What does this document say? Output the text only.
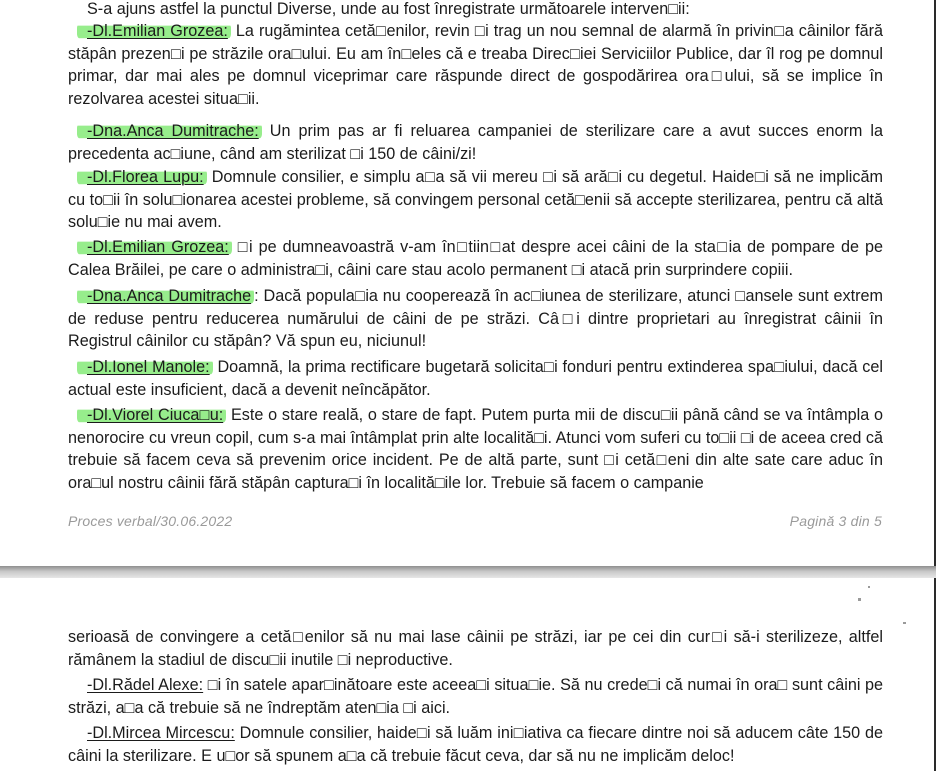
S-a ajuns astfel la punctul Diverse, unde au fost înregistrate următoarele interven□ii:

-Dl.Emilian Grozea: La rugămintea cetă□enilor, revin □i trag un nou semnal de alarmă în privin□a câinilor fără stăpân prezen□i pe străzile ora□ului. Eu am în□eles că e treaba Direc□iei Serviciilor Publice, dar îl rog pe domnul primar, dar mai ales pe domnul viceprimar care răspunde direct de gospodărirea ora□ului, să se implice în rezolvarea acestei situa□ii.

-Dna.Anca Dumitrache: Un prim pas ar fi reluarea campaniei de sterilizare care a avut succes enorm la precedenta ac□iune, când am sterilizat □i 150 de câini/zi!

-Dl.Florea Lupu: Domnule consilier, e simplu a□a să vii mereu □i să ară□i cu degetul. Haide□i să ne implicăm cu to□ii în solu□ionarea acestei probleme, să convingem personal cetă□enii să accepte sterilizarea, pentru că altă solu□ie nu mai avem.

-Dl.Emilian Grozea: □i pe dumneavoastră v-am în□tiin□at despre acei câini de la sta□ia de pompare de pe Calea Brăilei, pe care o administra□i, câini care stau acolo permanent □i atacă prin surprindere copiii.

-Dna.Anca Dumitrache : Dacă popula□ia nu cooperează în ac□iunea de sterilizare, atunci □ansele sunt extrem de reduse pentru reducerea numărului de câini de pe străzi. Câ□i dintre proprietari au înregistrat câinii în Registrul câinilor cu stăpân? Vă spun eu, niciunul!

-Dl.Ionel Manole: Doamnă, la prima rectificare bugetară solicita□i fonduri pentru extinderea spa□iului, dacă cel actual este insuficient, dacă a devenit neîncăpător.

-Dl.Viorel Ciuca□u: Este o stare reală, o stare de fapt. Putem purta mii de discu□ii până când se va întâmpla o nenorocire cu vreun copil, cum s-a mai întâmplat prin alte localită□i. Atunci vom suferi cu to□ii □i de aceea cred că trebuie să facem ceva să prevenim orice incident. Pe de altă parte, sunt □i cetă□eni din alte sate care aduc în ora□ul nostru câinii fără stăpân captura□i în localită□ile lor. Trebuie să facem o campanie

Proces verbal/30.06.2022	Pagină 3 din 5

serioasă de convingere a cetă□enilor să nu mai lase câinii pe străzi, iar pe cei din cur□i să-i sterilizeze, altfel rămânem la stadiul de discu□ii inutile □i neproductive.

-Dl.Rădel Alexe: □i în satele apar□inătoare este aceea□i situa□ie. Să nu crede□i că numai în ora□ sunt câini pe străzi, a□a că trebuie să ne îndreptăm aten□ia □i aici.

-Dl.Mircea Mircescu: Domnule consilier, haide□i să luăm ini□iativa ca fiecare dintre noi să aducem câte 150 de câini la sterilizare. E u□or să spunem a□a că trebuie făcut ceva, dar să nu ne implicăm deloc!
